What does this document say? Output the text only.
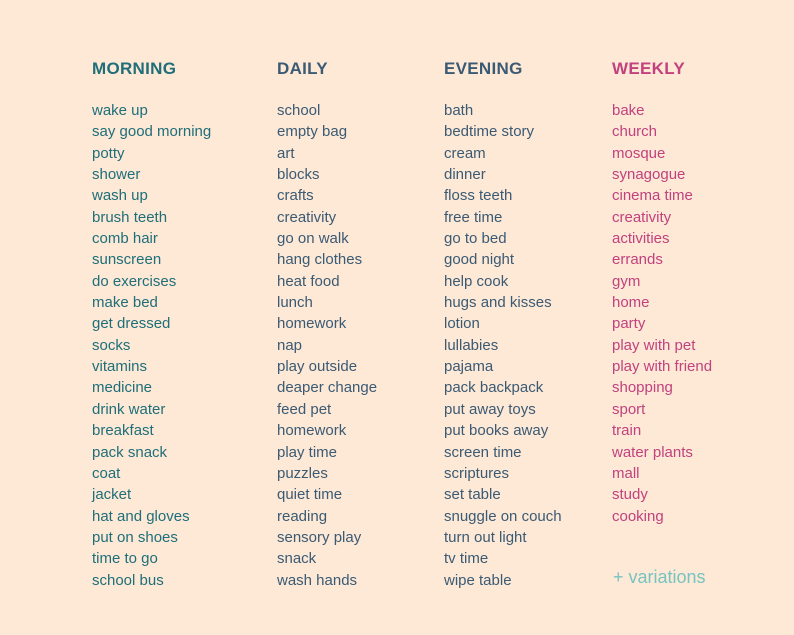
MORNING
wake up
say good morning
potty
shower
wash up
brush teeth
comb hair
sunscreen
do exercises
make bed
get dressed
socks
vitamins
medicine
drink water
breakfast
pack snack
coat
jacket
hat and gloves
put on shoes
time to go
school bus
DAILY
school
empty bag
art
blocks
crafts
creativity
go on walk
hang clothes
heat food
lunch
homework
nap
play outside
deaper change
feed pet
homework
play time
puzzles
quiet time
reading
sensory play
snack
wash hands
EVENING
bath
bedtime story
cream
dinner
floss teeth
free time
go to bed
good night
help cook
hugs and kisses
lotion
lullabies
pajama
pack backpack
put away toys
put books away
screen time
scriptures
set table
snuggle on couch
turn out light
tv time
wipe table
WEEKLY
bake
church
mosque
synagogue
cinema time
creativity
activities
errands
gym
home
party
play with pet
play with friend
shopping
sport
train
water plants
mall
study
cooking
+ variations
